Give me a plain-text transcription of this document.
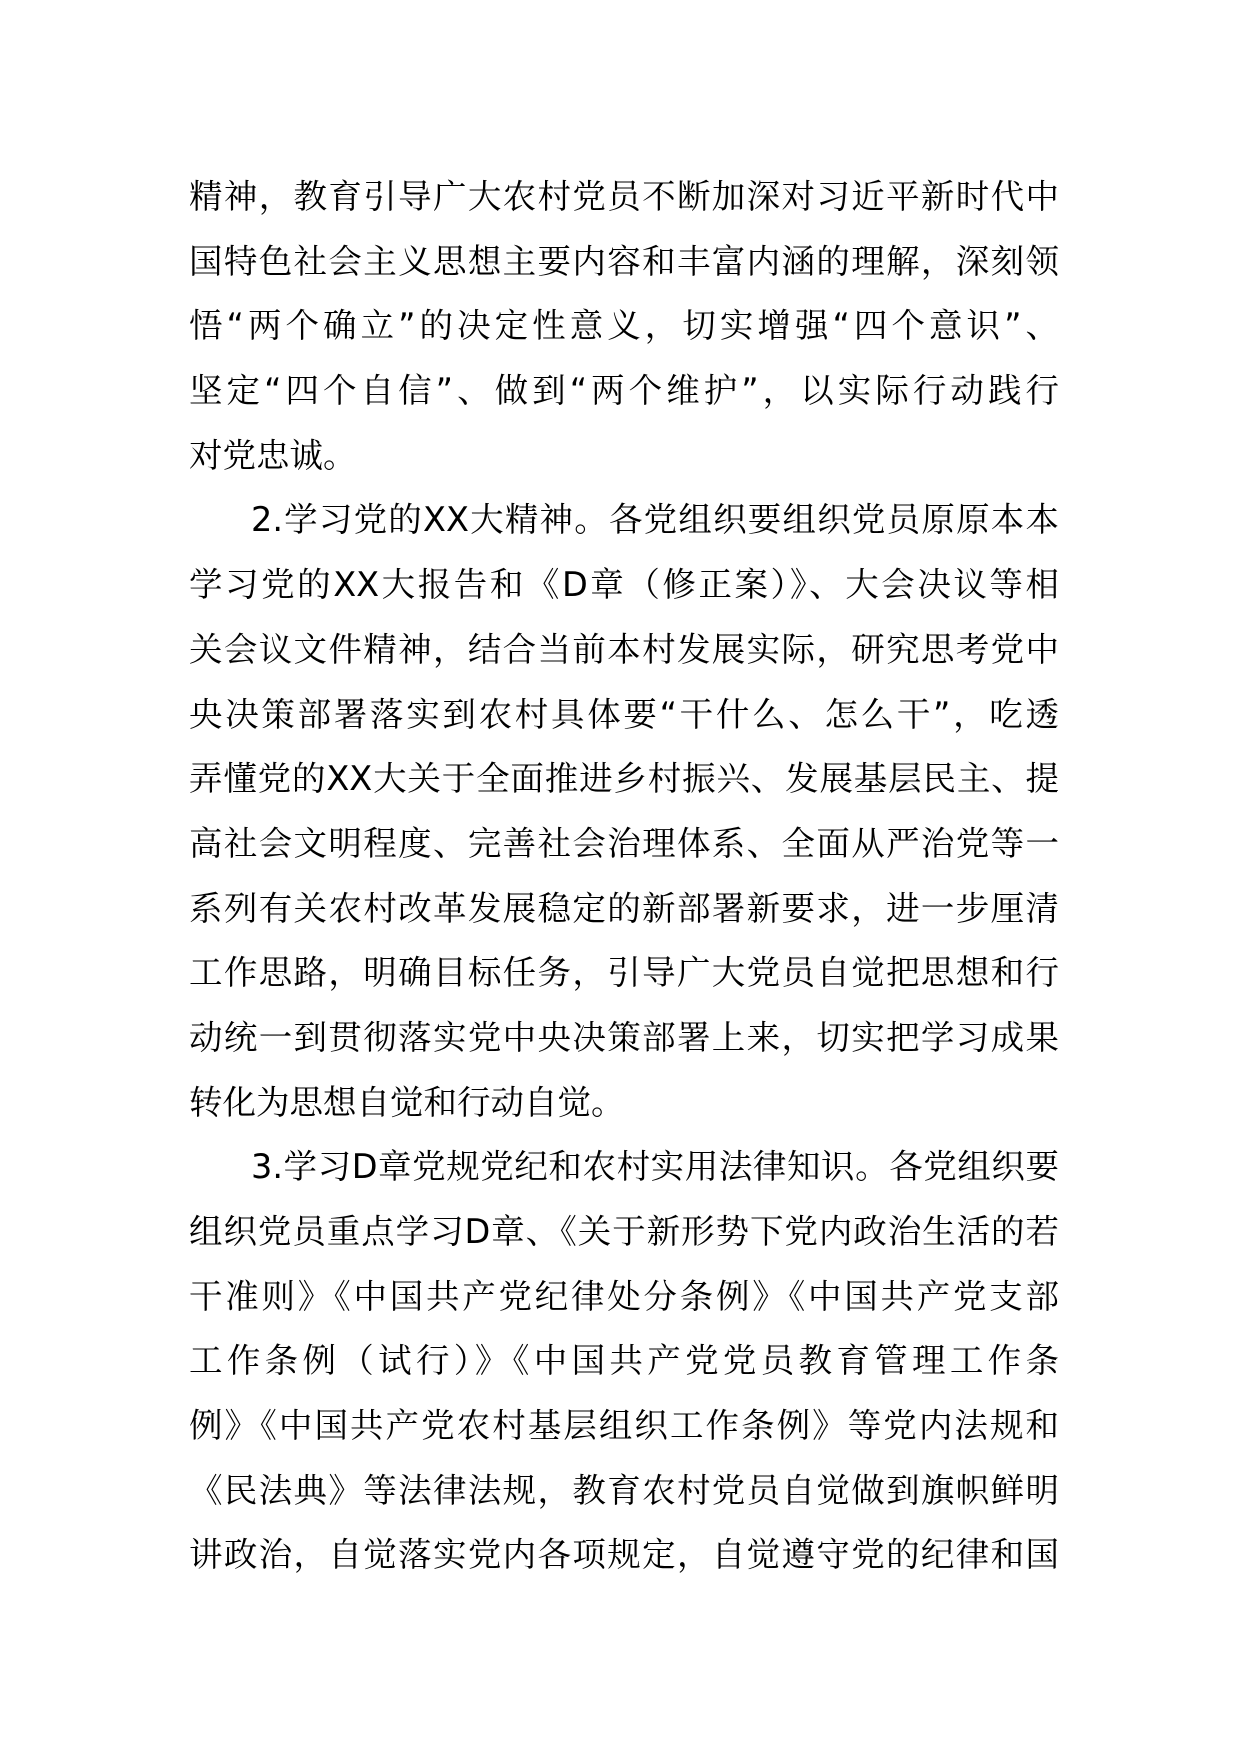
精神，教育引导广大农村党员不断加深对习近平新时代中
国特色社会主义思想主要内容和丰富内涵的理解，深刻领
悟“两个确立”的决定性意义，切实增强“四个意识”、
坚定“四个自信”、做到“两个维护”，以实际行动践行
对党忠诚。
2.学习党的XX大精神。各党组织要组织党员原原本本
学习党的XX大报告和《D章（修正案）》、大会决议等相
关会议文件精神，结合当前本村发展实际，研究思考党中
央决策部署落实到农村具体要“干什么、怎么干”，吃透
弄懂党的XX大关于全面推进乡村振兴、发展基层民主、提
高社会文明程度、完善社会治理体系、全面从严治党等一
系列有关农村改革发展稳定的新部署新要求，进一步厘清
工作思路，明确目标任务，引导广大党员自觉把思想和行
动统一到贯彻落实党中央决策部署上来，切实把学习成果
转化为思想自觉和行动自觉。
3.学习D章党规党纪和农村实用法律知识。各党组织要
组织党员重点学习D章、《关于新形势下党内政治生活的若
干准则》《中国共产党纪律处分条例》《中国共产党支部
工作条例（试行）》《中国共产党党员教育管理工作条
例》《中国共产党农村基层组织工作条例》等党内法规和
《民法典》等法律法规，教育农村党员自觉做到旗帜鲜明
讲政治，自觉落实党内各项规定，自觉遵守党的纪律和国
